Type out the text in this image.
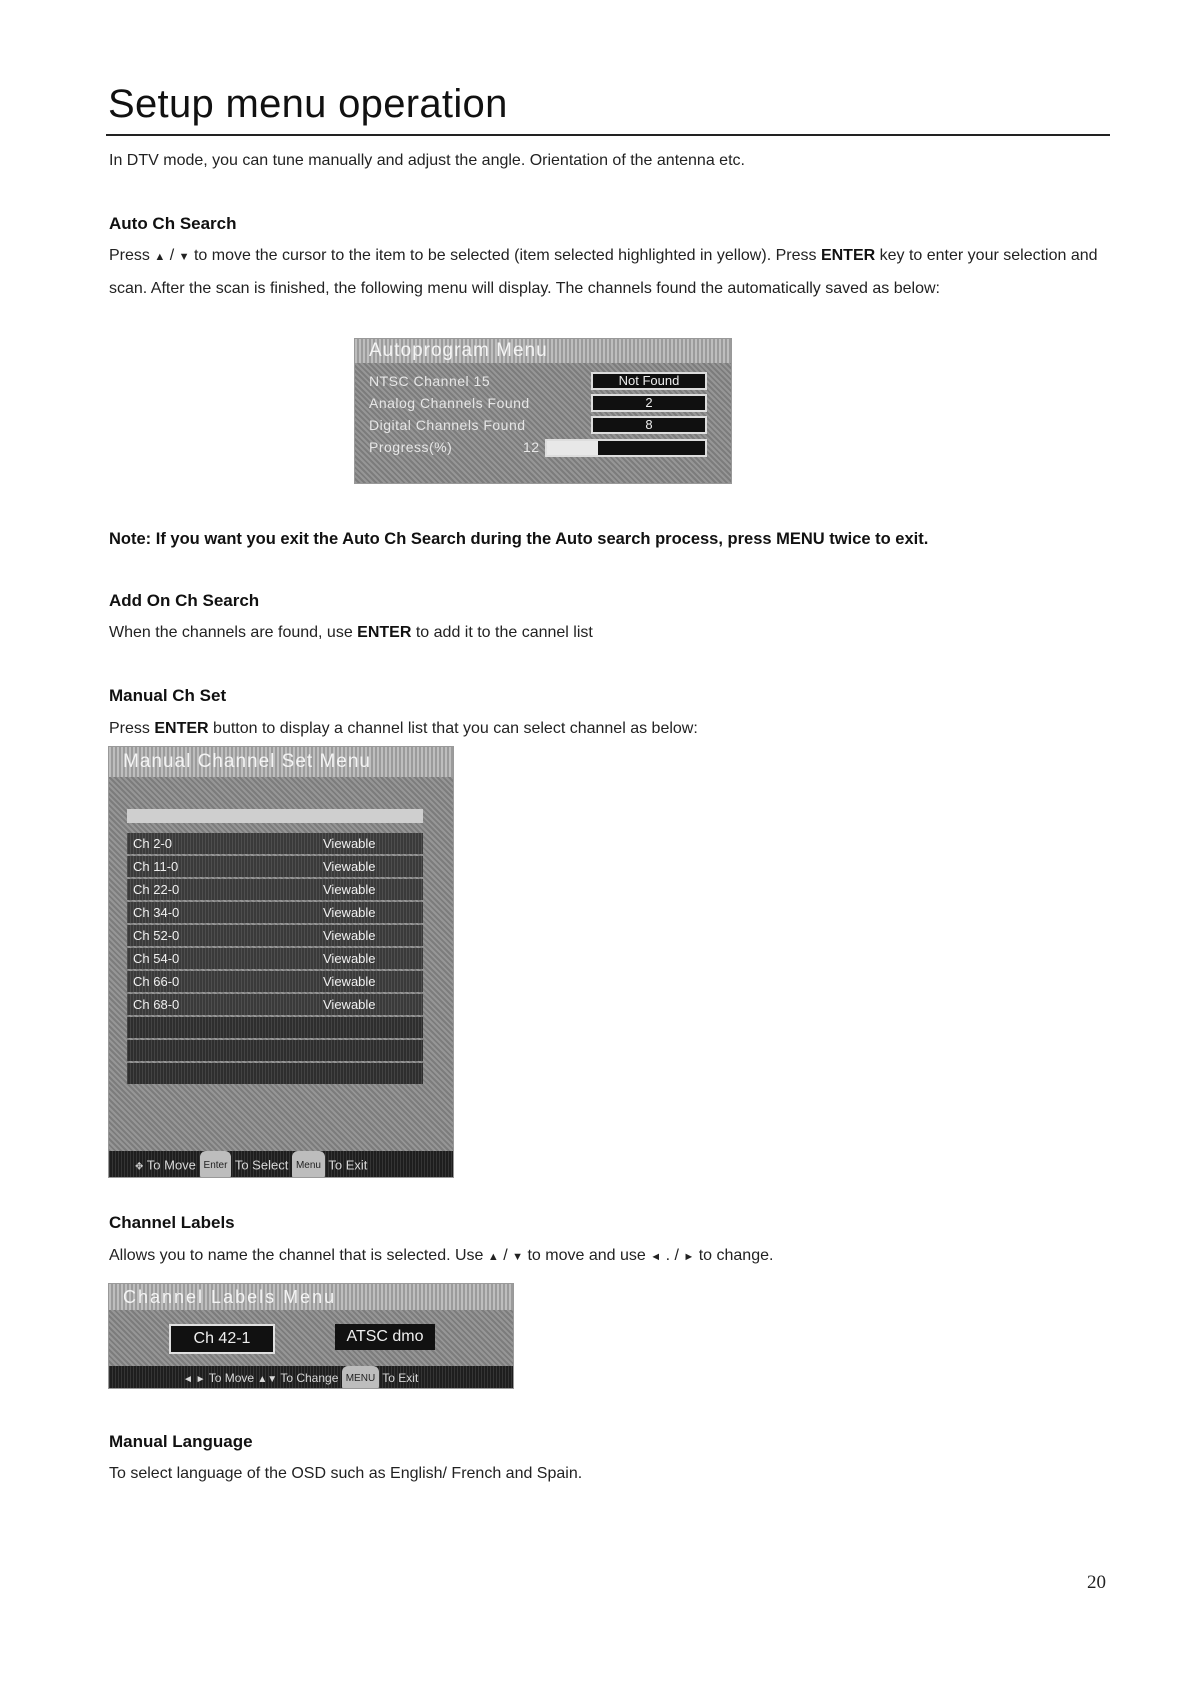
Setup menu operation
In DTV mode, you can tune manually and adjust the angle. Orientation of the antenna etc.
Auto Ch Search
Press ▲ / ▼ to move the cursor to the item to be selected (item selected highlighted in yellow). Press ENTER key to enter your selection and scan. After the scan is finished, the following menu will display. The channels found the automatically saved as below:
Autoprogram Menu
NTSC Channel 15	Not Found
Analog Channels Found	2
Digital Channels Found	8
Progress(%)	12
Note: If you want you exit the Auto Ch Search during the Auto search process, press MENU twice to exit.
Add On Ch Search
When the channels are found, use ENTER to add it to the cannel list
Manual Ch Set
Press ENTER button to display a channel list that you can select channel as below:
Manual Channel Set Menu
Ch 2-0	Viewable
Ch 11-0	Viewable
Ch 22-0	Viewable
Ch 34-0	Viewable
Ch 52-0	Viewable
Ch 54-0	Viewable
Ch 66-0	Viewable
Ch 68-0	Viewable
✥ To Move Enter To Select Menu To Exit
Channel Labels
Allows you to name the channel that is selected. Use ▲ / ▼ to move and use ◄ . / ► to change.
Channel Labels Menu
Ch 42-1	ATSC dmo
◄ ► To Move ▲▼ To Change MENU To Exit
Manual Language
To select language of the OSD such as English/ French and Spain.
20
